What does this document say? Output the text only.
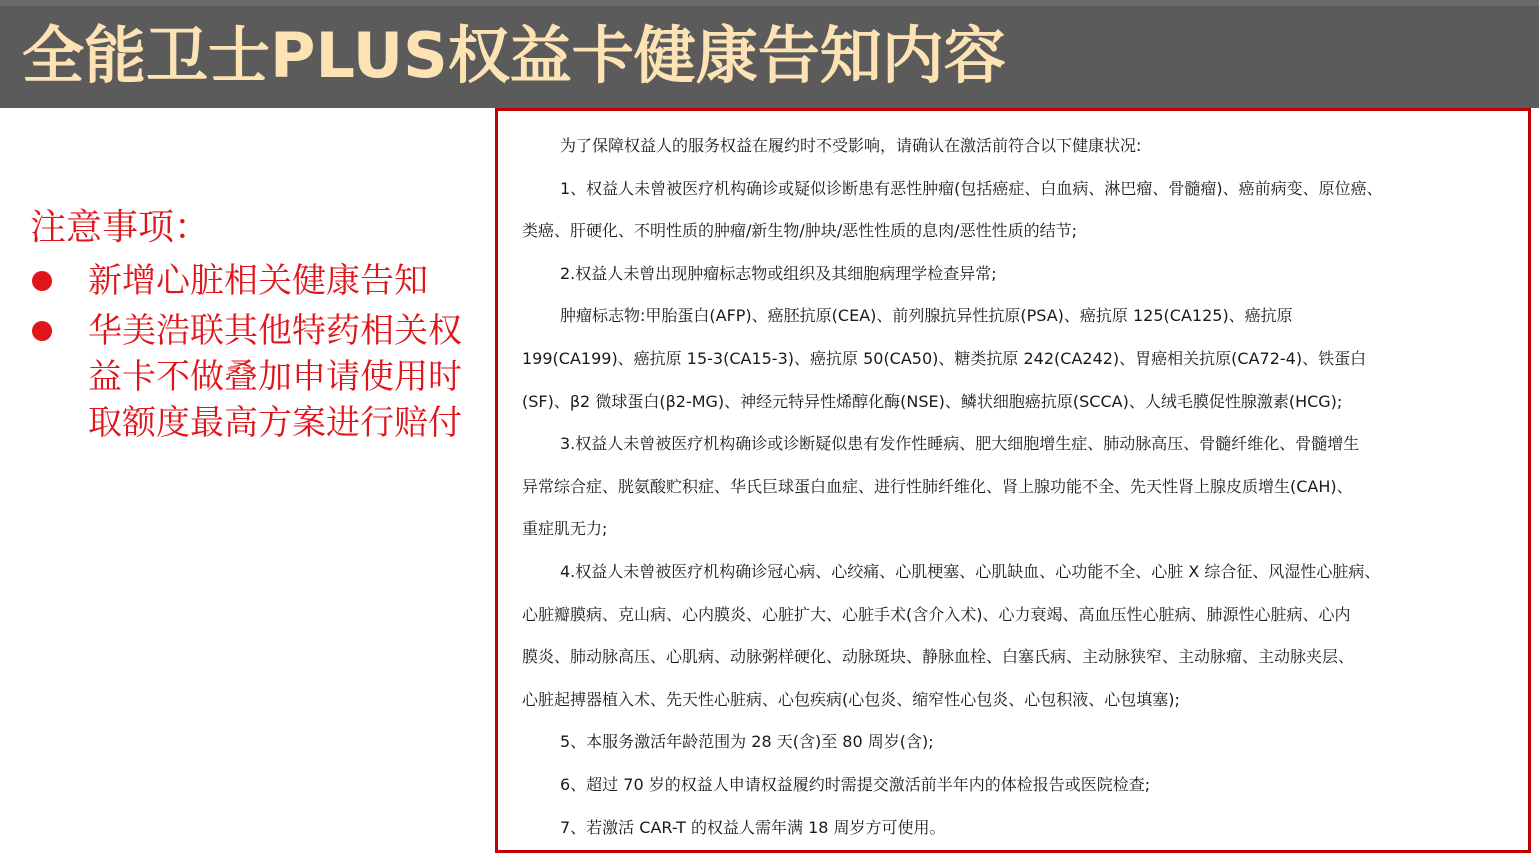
全能卫士PLUS权益卡健康告知内容

注意事项：

新增心脏相关健康告知
华美浩联其他特药相关权益卡不做叠加申请使用时取额度最高方案进行赔付

为了保障权益人的服务权益在履约时不受影响，请确认在激活前符合以下健康状况:

1、权益人未曾被医疗机构确诊或疑似诊断患有恶性肿瘤(包括癌症、白血病、淋巴瘤、骨髓瘤)、癌前病变、原位癌、

类癌、肝硬化、不明性质的肿瘤/新生物/肿块/恶性性质的息肉/恶性性质的结节;

2.权益人未曾出现肿瘤标志物或组织及其细胞病理学检查异常;

肿瘤标志物:甲胎蛋白(AFP)、癌胚抗原(CEA)、前列腺抗异性抗原(PSA)、癌抗原 125(CA125)、癌抗原

199(CA199)、癌抗原 15-3(CA15-3)、癌抗原 50(CA50)、糖类抗原 242(CA242)、胃癌相关抗原(CA72-4)、铁蛋白

(SF)、β2 微球蛋白(β2-MG)、神经元特异性烯醇化酶(NSE)、鳞状细胞癌抗原(SCCA)、人绒毛膜促性腺激素(HCG);

3.权益人未曾被医疗机构确诊或诊断疑似患有发作性睡病、肥大细胞增生症、肺动脉高压、骨髓纤维化、骨髓增生

异常综合症、胱氨酸贮积症、华氏巨球蛋白血症、进行性肺纤维化、肾上腺功能不全、先天性肾上腺皮质增生(CAH)、

重症肌无力;

4.权益人未曾被医疗机构确诊冠心病、心绞痛、心肌梗塞、心肌缺血、心功能不全、心脏 X 综合征、风湿性心脏病、

心脏瓣膜病、克山病、心内膜炎、心脏扩大、心脏手术(含介入术)、心力衰竭、高血压性心脏病、肺源性心脏病、心内

膜炎、肺动脉高压、心肌病、动脉粥样硬化、动脉斑块、静脉血栓、白塞氏病、主动脉狭窄、主动脉瘤、主动脉夹层、

心脏起搏器植入术、先天性心脏病、心包疾病(心包炎、缩窄性心包炎、心包积液、心包填塞);

5、本服务激活年龄范围为 28 天(含)至 80 周岁(含);

6、超过 70 岁的权益人申请权益履约时需提交激活前半年内的体检报告或医院检查;

7、若激活 CAR-T 的权益人需年满 18 周岁方可使用。
